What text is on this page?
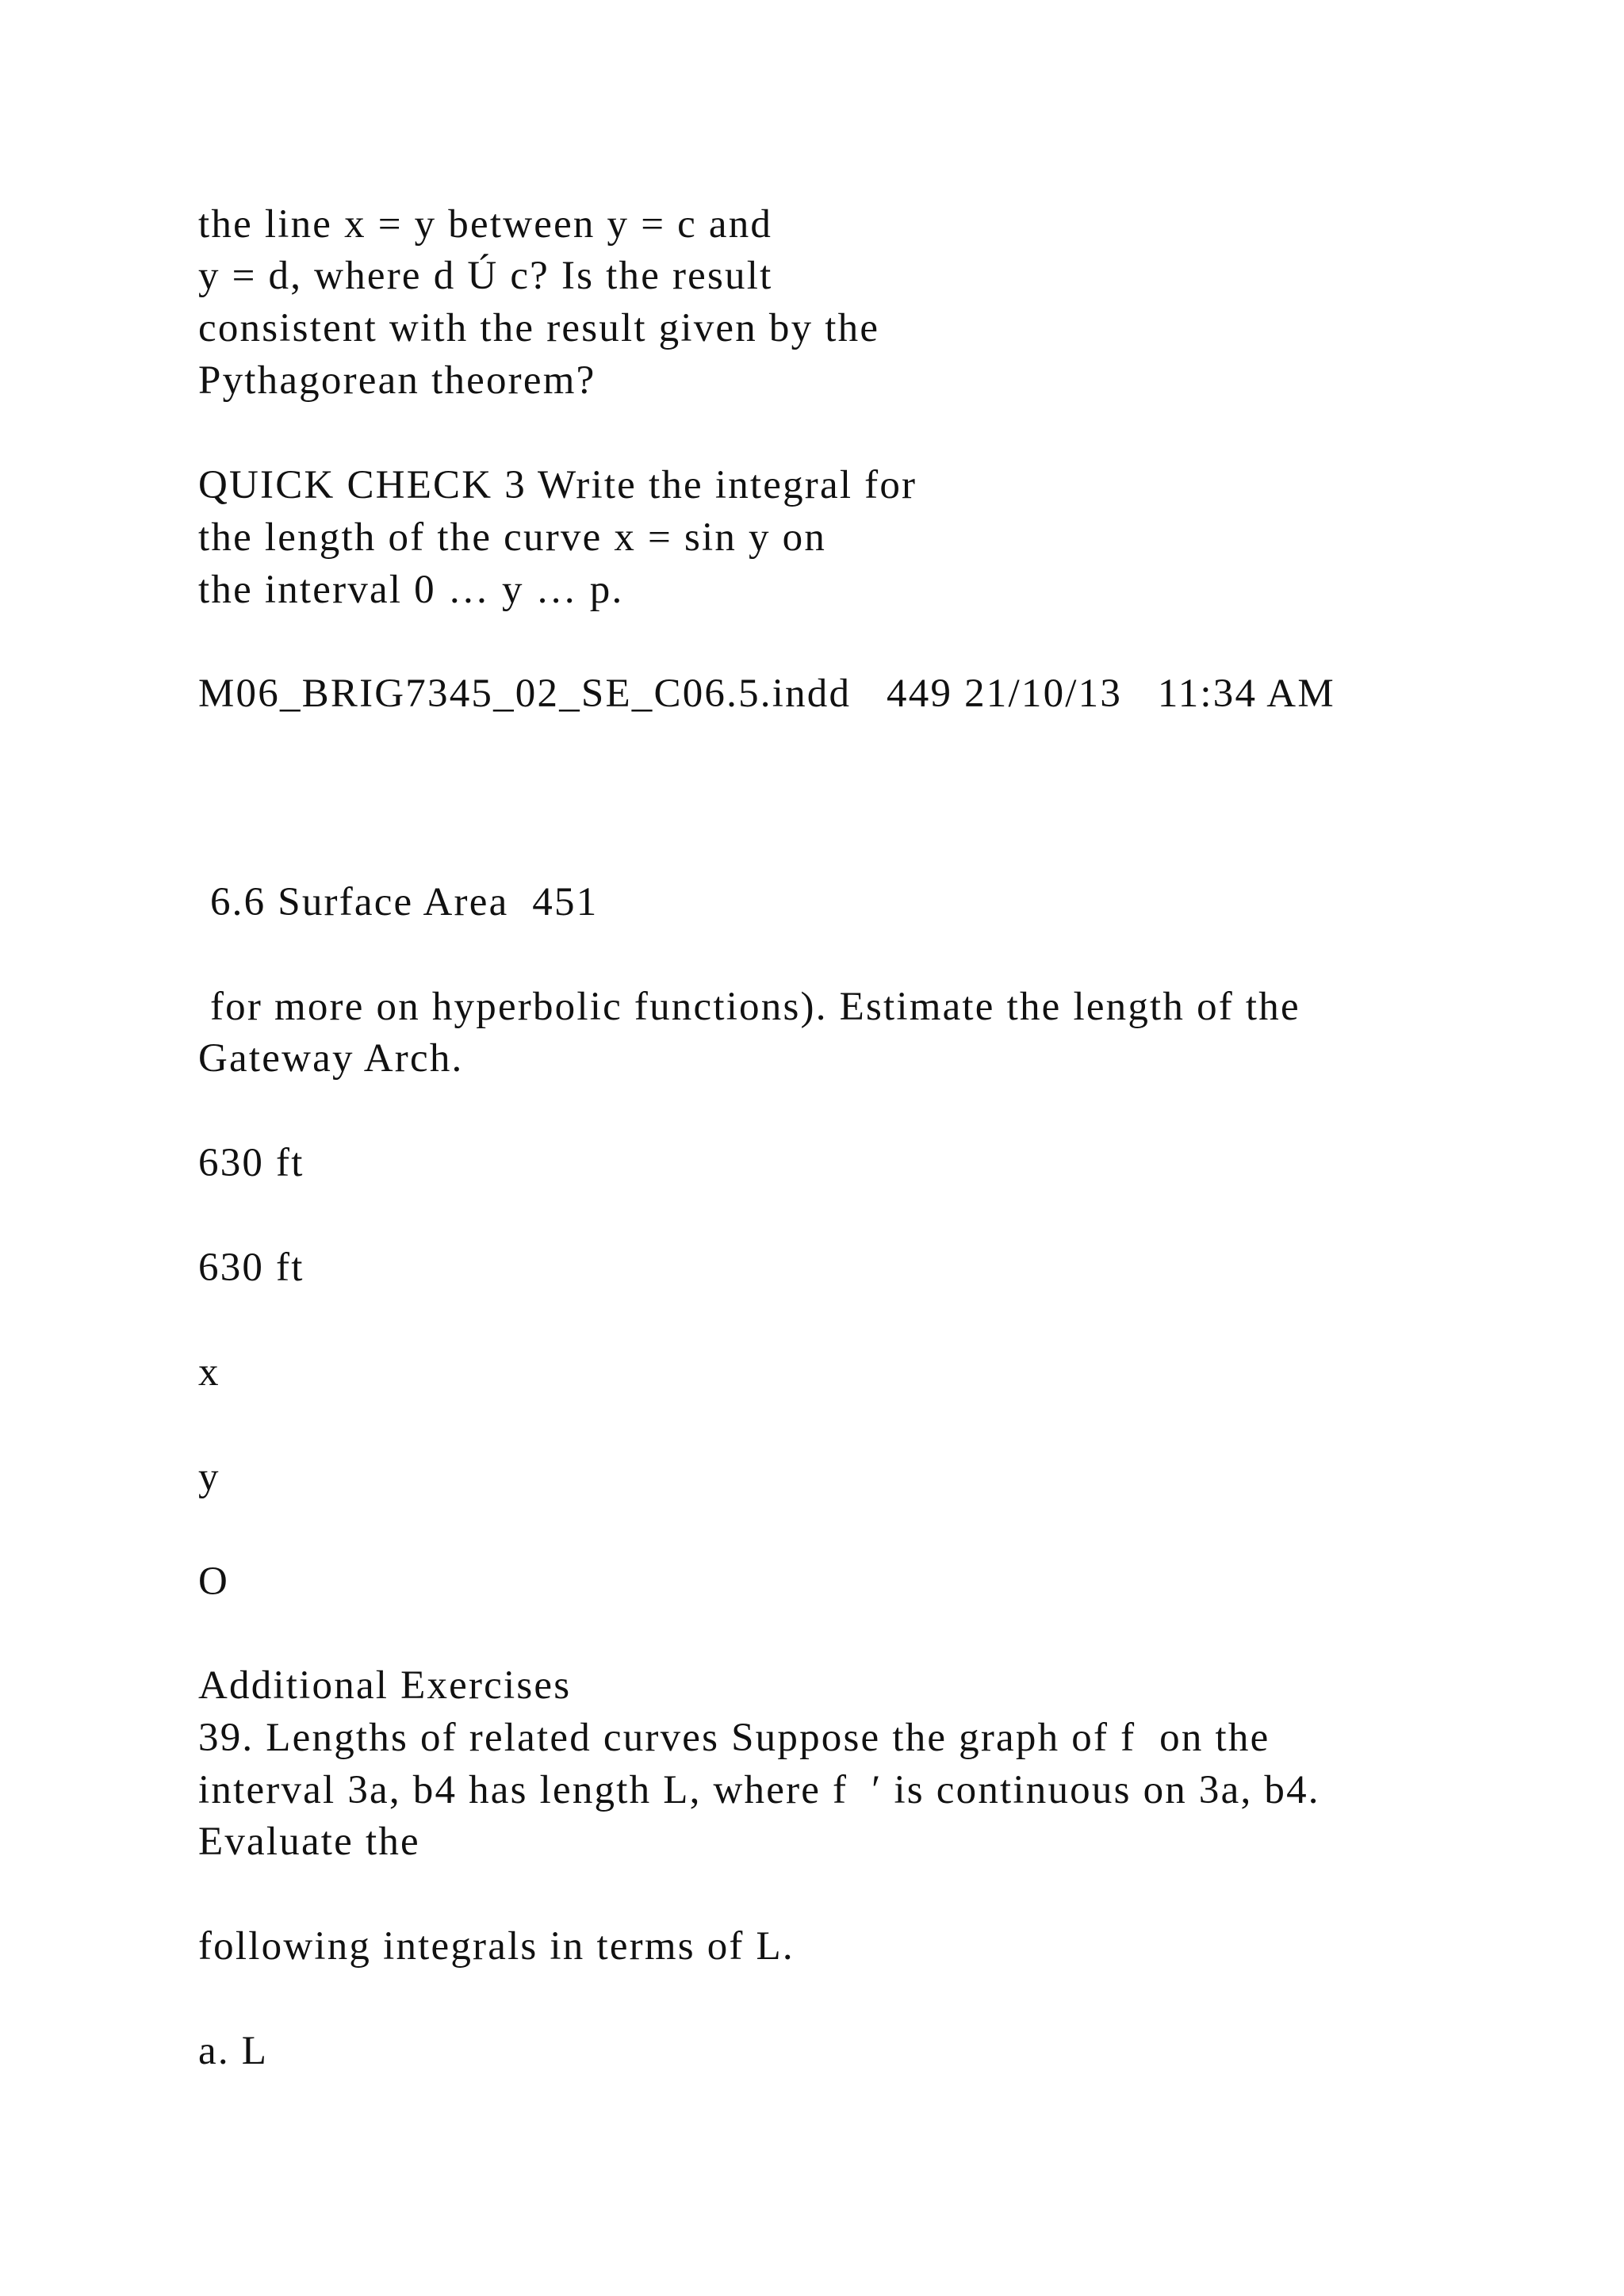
the line x = y between y = c and

y = d, where d Ú c? Is the result

consistent with the result given by the

Pythagorean theorem?

QUICK CHECK 3 Write the integral for

the length of the curve x = sin y on

the interval 0 … y … p.

M06_BRIG7345_02_SE_C06.5.indd   449 21/10/13   11:34 AM

6.6 Surface Area  451

for more on hyperbolic functions). Estimate the length of the

Gateway Arch.

630 ft

630 ft

x

y

O

Additional Exercises

39. Lengths of related curves Suppose the graph of f  on the

interval 3a, b4 has length L, where f  ′ is continuous on 3a, b4.

Evaluate the

following integrals in terms of L.

a. L
